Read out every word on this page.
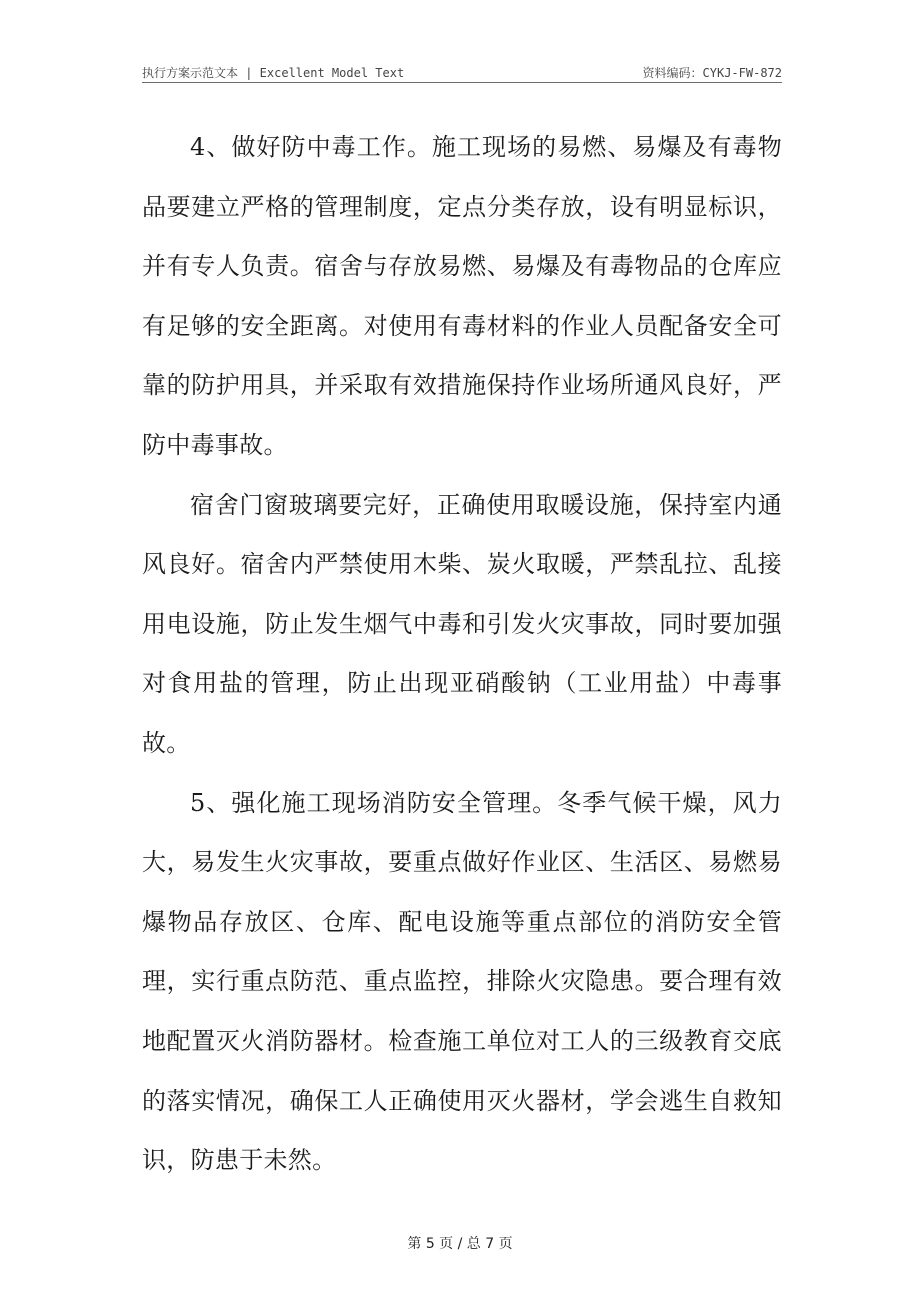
执行方案示范文本 | Excellent Model Text	资料编码：CYKJ-FW-872

4、做好防中毒工作。施工现场的易燃、易爆及有毒物品要建立严格的管理制度，定点分类存放，设有明显标识，并有专人负责。宿舍与存放易燃、易爆及有毒物品的仓库应有足够的安全距离。对使用有毒材料的作业人员配备安全可靠的防护用具，并采取有效措施保持作业场所通风良好，严防中毒事故。

宿舍门窗玻璃要完好，正确使用取暖设施，保持室内通风良好。宿舍内严禁使用木柴、炭火取暖，严禁乱拉、乱接用电设施，防止发生烟气中毒和引发火灾事故，同时要加强对食用盐的管理，防止出现亚硝酸钠（工业用盐）中毒事故。

5、强化施工现场消防安全管理。冬季气候干燥，风力大，易发生火灾事故，要重点做好作业区、生活区、易燃易爆物品存放区、仓库、配电设施等重点部位的消防安全管理，实行重点防范、重点监控，排除火灾隐患。要合理有效地配置灭火消防器材。检查施工单位对工人的三级教育交底的落实情况，确保工人正确使用灭火器材，学会逃生自救知识，防患于未然。

第 5 页 / 总 7 页
